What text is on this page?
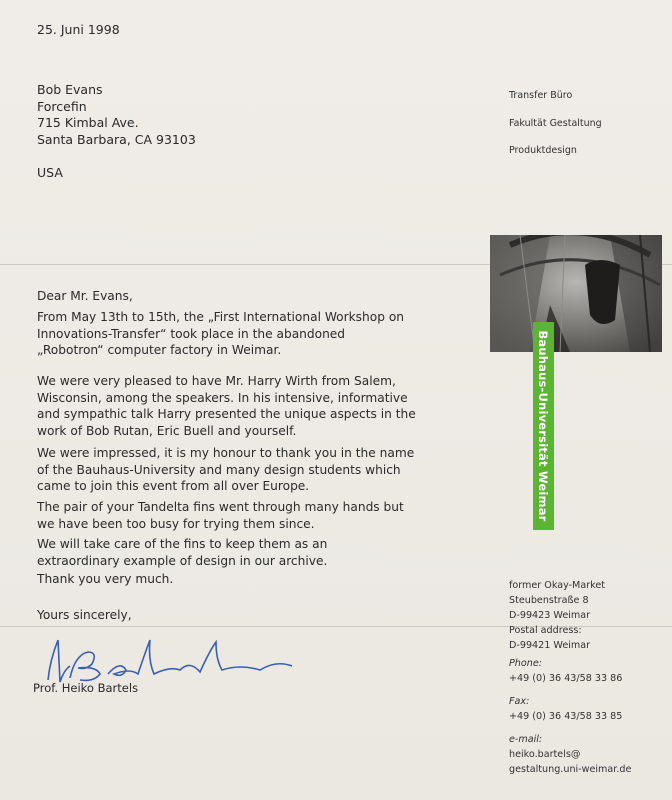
25. Juni 1998
Bob Evans
Forcefin
715 Kimbal Ave.
Santa Barbara, CA 93103
USA
Transfer Büro
Fakultät Gestaltung
Produktdesign
Bauhaus-Universität Weimar
Dear Mr. Evans,
From May 13th to 15th, the „First International Workshop on
Innovations-Transfer“ took place in the abandoned
„Robotron“ computer factory in Weimar.
We were very pleased to have Mr. Harry Wirth from Salem,
Wisconsin, among the speakers. In his intensive, informative
and sympathic talk Harry presented the unique aspects in the
work of Bob Rutan, Eric Buell and yourself.
We were impressed, it is my honour to thank you in the name
of the Bauhaus-University and many design students which
came to join this event from all over Europe.
The pair of your Tandelta fins went through many hands but
we have been too busy for trying them since.
We will take care of the fins to keep them as an
extraordinary example of design in our archive.
Thank you very much.
Yours sincerely,
Prof. Heiko Bartels
former Okay-Market
Steubenstraße 8
D-99423 Weimar
Postal address:
D-99421 Weimar
Phone:
+49 (0) 36 43/58 33 86
Fax:
+49 (0) 36 43/58 33 85
e-mail:
heiko.bartels@
gestaltung.uni-weimar.de
